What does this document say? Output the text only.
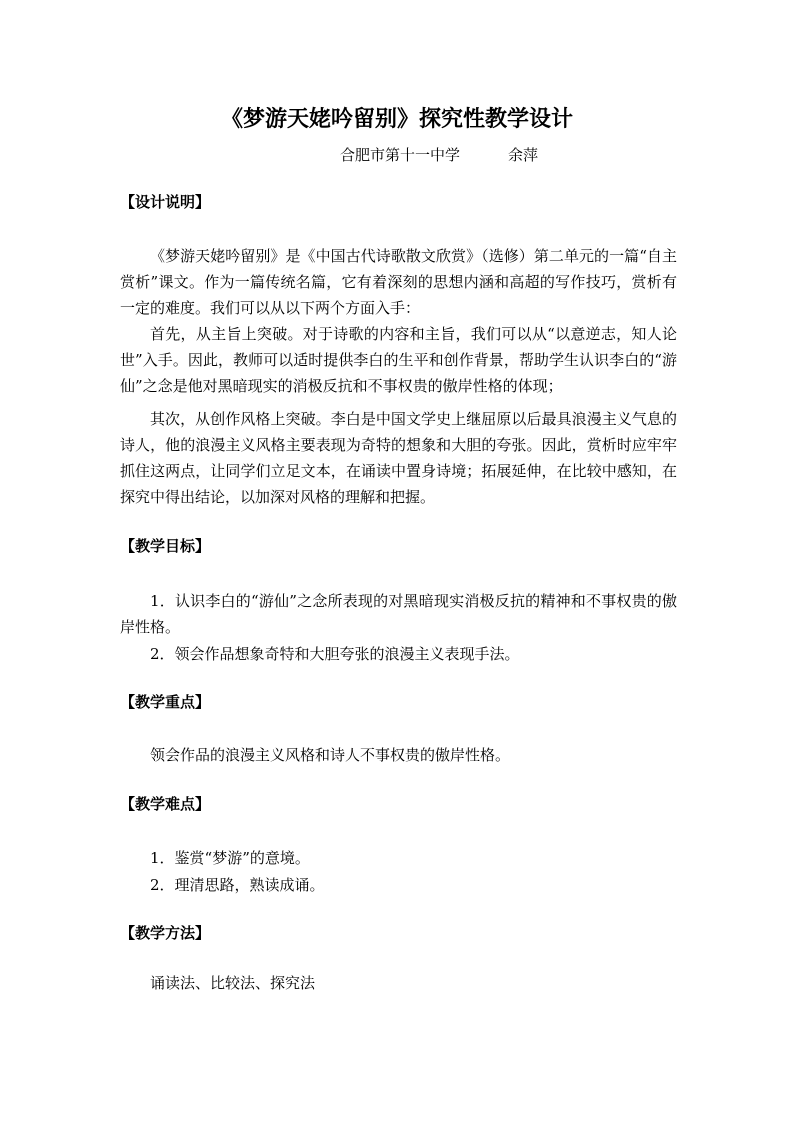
《梦游天姥吟留别》探究性教学设计
合肥市第十一中学	余萍
【设计说明】

《梦游天姥吟留别》是《中国古代诗歌散文欣赏》（选修）第二单元的一篇“自主赏析”课文。作为一篇传统名篇，它有着深刻的思想内涵和高超的写作技巧，赏析有一定的难度。我们可以从以下两个方面入手：

首先，从主旨上突破。对于诗歌的内容和主旨，我们可以从“以意逆志，知人论世”入手。因此，教师可以适时提供李白的生平和创作背景，帮助学生认识李白的“游仙”之念是他对黑暗现实的消极反抗和不事权贵的傲岸性格的体现；

其次，从创作风格上突破。李白是中国文学史上继屈原以后最具浪漫主义气息的诗人，他的浪漫主义风格主要表现为奇特的想象和大胆的夸张。因此，赏析时应牢牢抓住这两点，让同学们立足文本，在诵读中置身诗境；拓展延伸，在比较中感知，在探究中得出结论，以加深对风格的理解和把握。

【教学目标】

1．认识李白的“游仙”之念所表现的对黑暗现实消极反抗的精神和不事权贵的傲岸性格。

2．领会作品想象奇特和大胆夸张的浪漫主义表现手法。
【教学重点】
领会作品的浪漫主义风格和诗人不事权贵的傲岸性格。
【教学难点】
1．鉴赏“梦游”的意境。
2．理清思路，熟读成诵。
【教学方法】
诵读法、比较法、探究法
